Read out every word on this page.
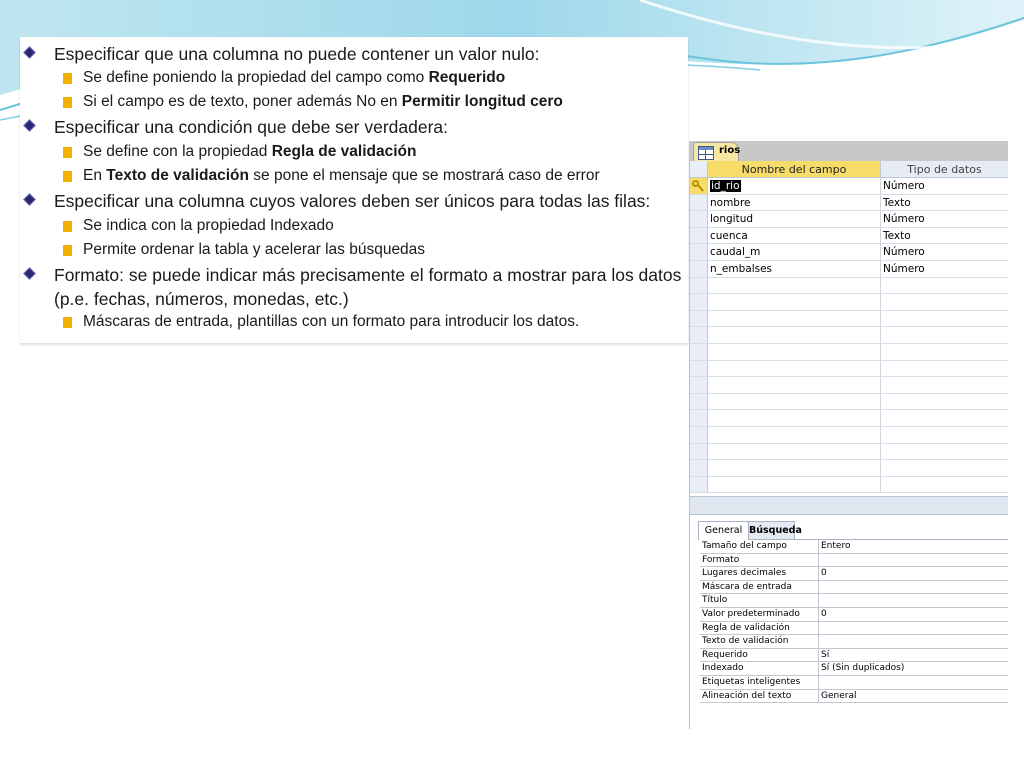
Especificar que una columna no puede contener un valor nulo:
Se define poniendo la propiedad del campo como Requerido
Si el campo es de texto, poner además No en Permitir longitud cero
Especificar una condición que debe ser verdadera:
Se define con la propiedad Regla de validación
En Texto de validación se pone el mensaje que se mostrará caso de error
Especificar una columna cuyos valores deben ser únicos para todas las filas:
Se indica con la propiedad Indexado
Permite ordenar la tabla y acelerar las búsquedas
Formato: se puede indicar más precisamente el formato a mostrar para los datos (p.e. fechas, números, monedas, etc.)
Máscaras de entrada, plantillas con un formato para introducir los datos.
rios
Nombre del campo	Tipo de datos
id_rio	Número
nombre	Texto
longitud	Número
cuenca	Texto
caudal_m	Número
n_embalses	Número
General Búsqueda
Tamaño del campo	Entero
Formato
Lugares decimales	0
Máscara de entrada
Título
Valor predeterminado	0
Regla de validación
Texto de validación
Requerido	Sí
Indexado	Sí (Sin duplicados)
Etiquetas inteligentes
Alineación del texto	General
